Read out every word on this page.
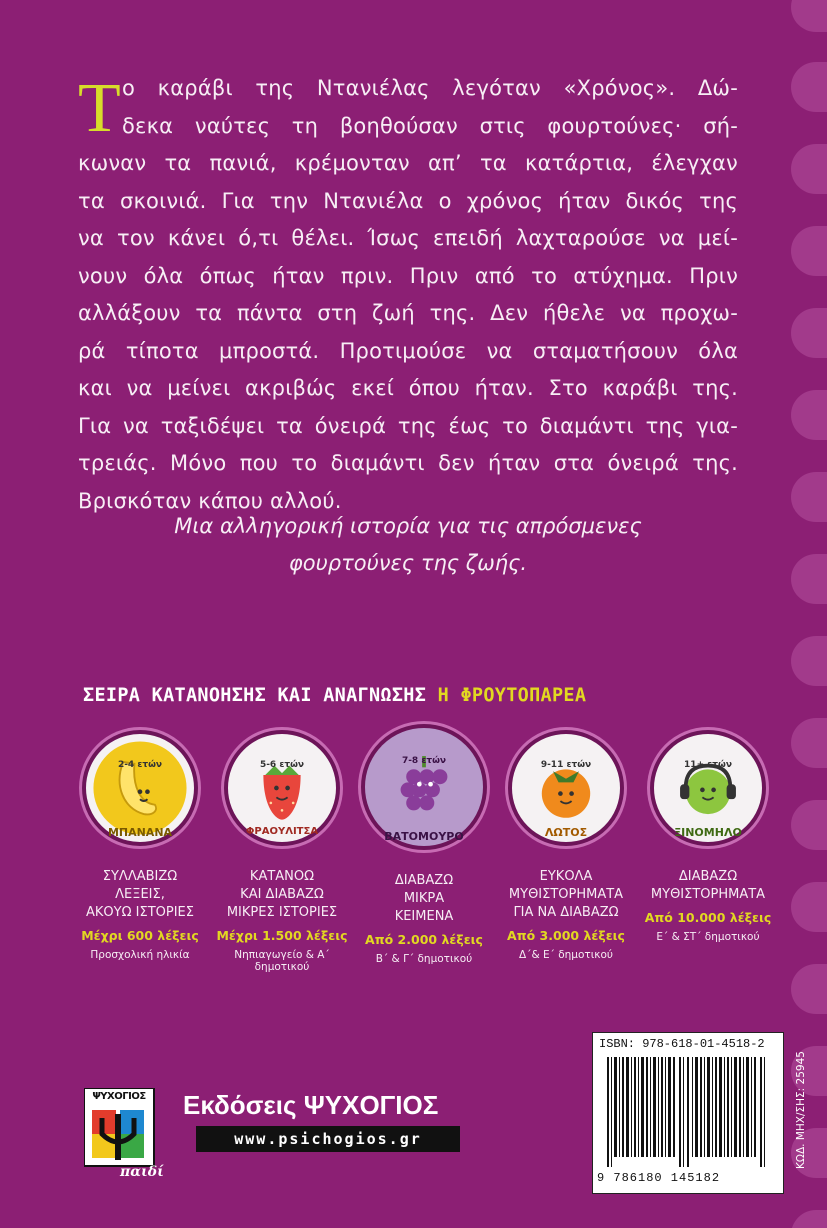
Τ ο καράβι της Ντανιέλας λεγόταν «Χρόνος». Δώ-
δεκα ναύτες τη βοηθούσαν στις φουρτούνες· σή-
κωναν τα πανιά, κρέμονταν απ’ τα κατάρτια, έλεγχαν
τα σκοινιά. Για την Ντανιέλα ο χρόνος ήταν δικός της
να τον κάνει ό,τι θέλει. Ίσως επειδή λαχταρούσε να μεί-
νουν όλα όπως ήταν πριν. Πριν από το ατύχημα. Πριν
αλλάξουν τα πάντα στη ζωή της. Δεν ήθελε να προχω-
ρά τίποτα μπροστά. Προτιμούσε να σταματήσουν όλα
και να μείνει ακριβώς εκεί όπου ήταν. Στο καράβι της.
Για να ταξιδέψει τα όνειρά της έως το διαμάντι της για-
τρειάς. Μόνο που το διαμάντι δεν ήταν στα όνειρά της.
Βρισκόταν κάπου αλλού.
Μια αλληγορική ιστορία για τις απρόσμενες
φουρτούνες της ζωής.
ΣΕΙΡΑ ΚΑΤΑΝΟΗΣΗΣ ΚΑΙ ΑΝΑΓΝΩΣΗΣ Η ΦΡΟΥΤΟΠΑΡΕΑ
ΣΥΛΛΑΒΙΖΩ
ΛΕΞΕΙΣ,
ΑΚΟΥΩ ΙΣΤΟΡΙΕΣ
Μέχρι 600 λέξεις
Προσχολική ηλικία
ΚΑΤΑΝΟΩ
ΚΑΙ ΔΙΑΒΑΖΩ
ΜΙΚΡΕΣ ΙΣΤΟΡΙΕΣ
Μέχρι 1.500 λέξεις
Νηπιαγωγείο & Α΄ δημοτικού
ΔΙΑΒΑΖΩ
ΜΙΚΡΑ
ΚΕΙΜΕΝΑ
Από 2.000 λέξεις
Β΄ & Γ΄ δημοτικού
ΕΥΚΟΛΑ
ΜΥΘΙΣΤΟΡΗΜΑΤΑ
ΓΙΑ ΝΑ ΔΙΑΒΑΖΩ
Από 3.000 λέξεις
Δ΄& Ε΄ δημοτικού
ΔΙΑΒΑΖΩ
ΜΥΘΙΣΤΟΡΗΜΑΤΑ
Από 10.000 λέξεις
Ε΄ & ΣΤ΄ δημοτικού
2-4 ετών
ΜΠΑΝΑΝΑ
5-6 ετών
ΦΡΑΟΥΛΙΤΣΑ
7-8 ετών
ΒΑΤΟΜΟΥΡΟ
9-11 ετών
ΛΩΤΟΣ
11+ ετών
ΞΙΝΟΜΗΛΟ
ISBN: 978-618-01-4518-2
9 786180 145182
ΚΩΔ. ΜΗΧ/ΣΗΣ: 25945
ΨΥΧΟΓΙΟΣ
παιδί
Εκδόσεις ΨΥΧΟΓΙΟΣ
www.psichogios.gr
